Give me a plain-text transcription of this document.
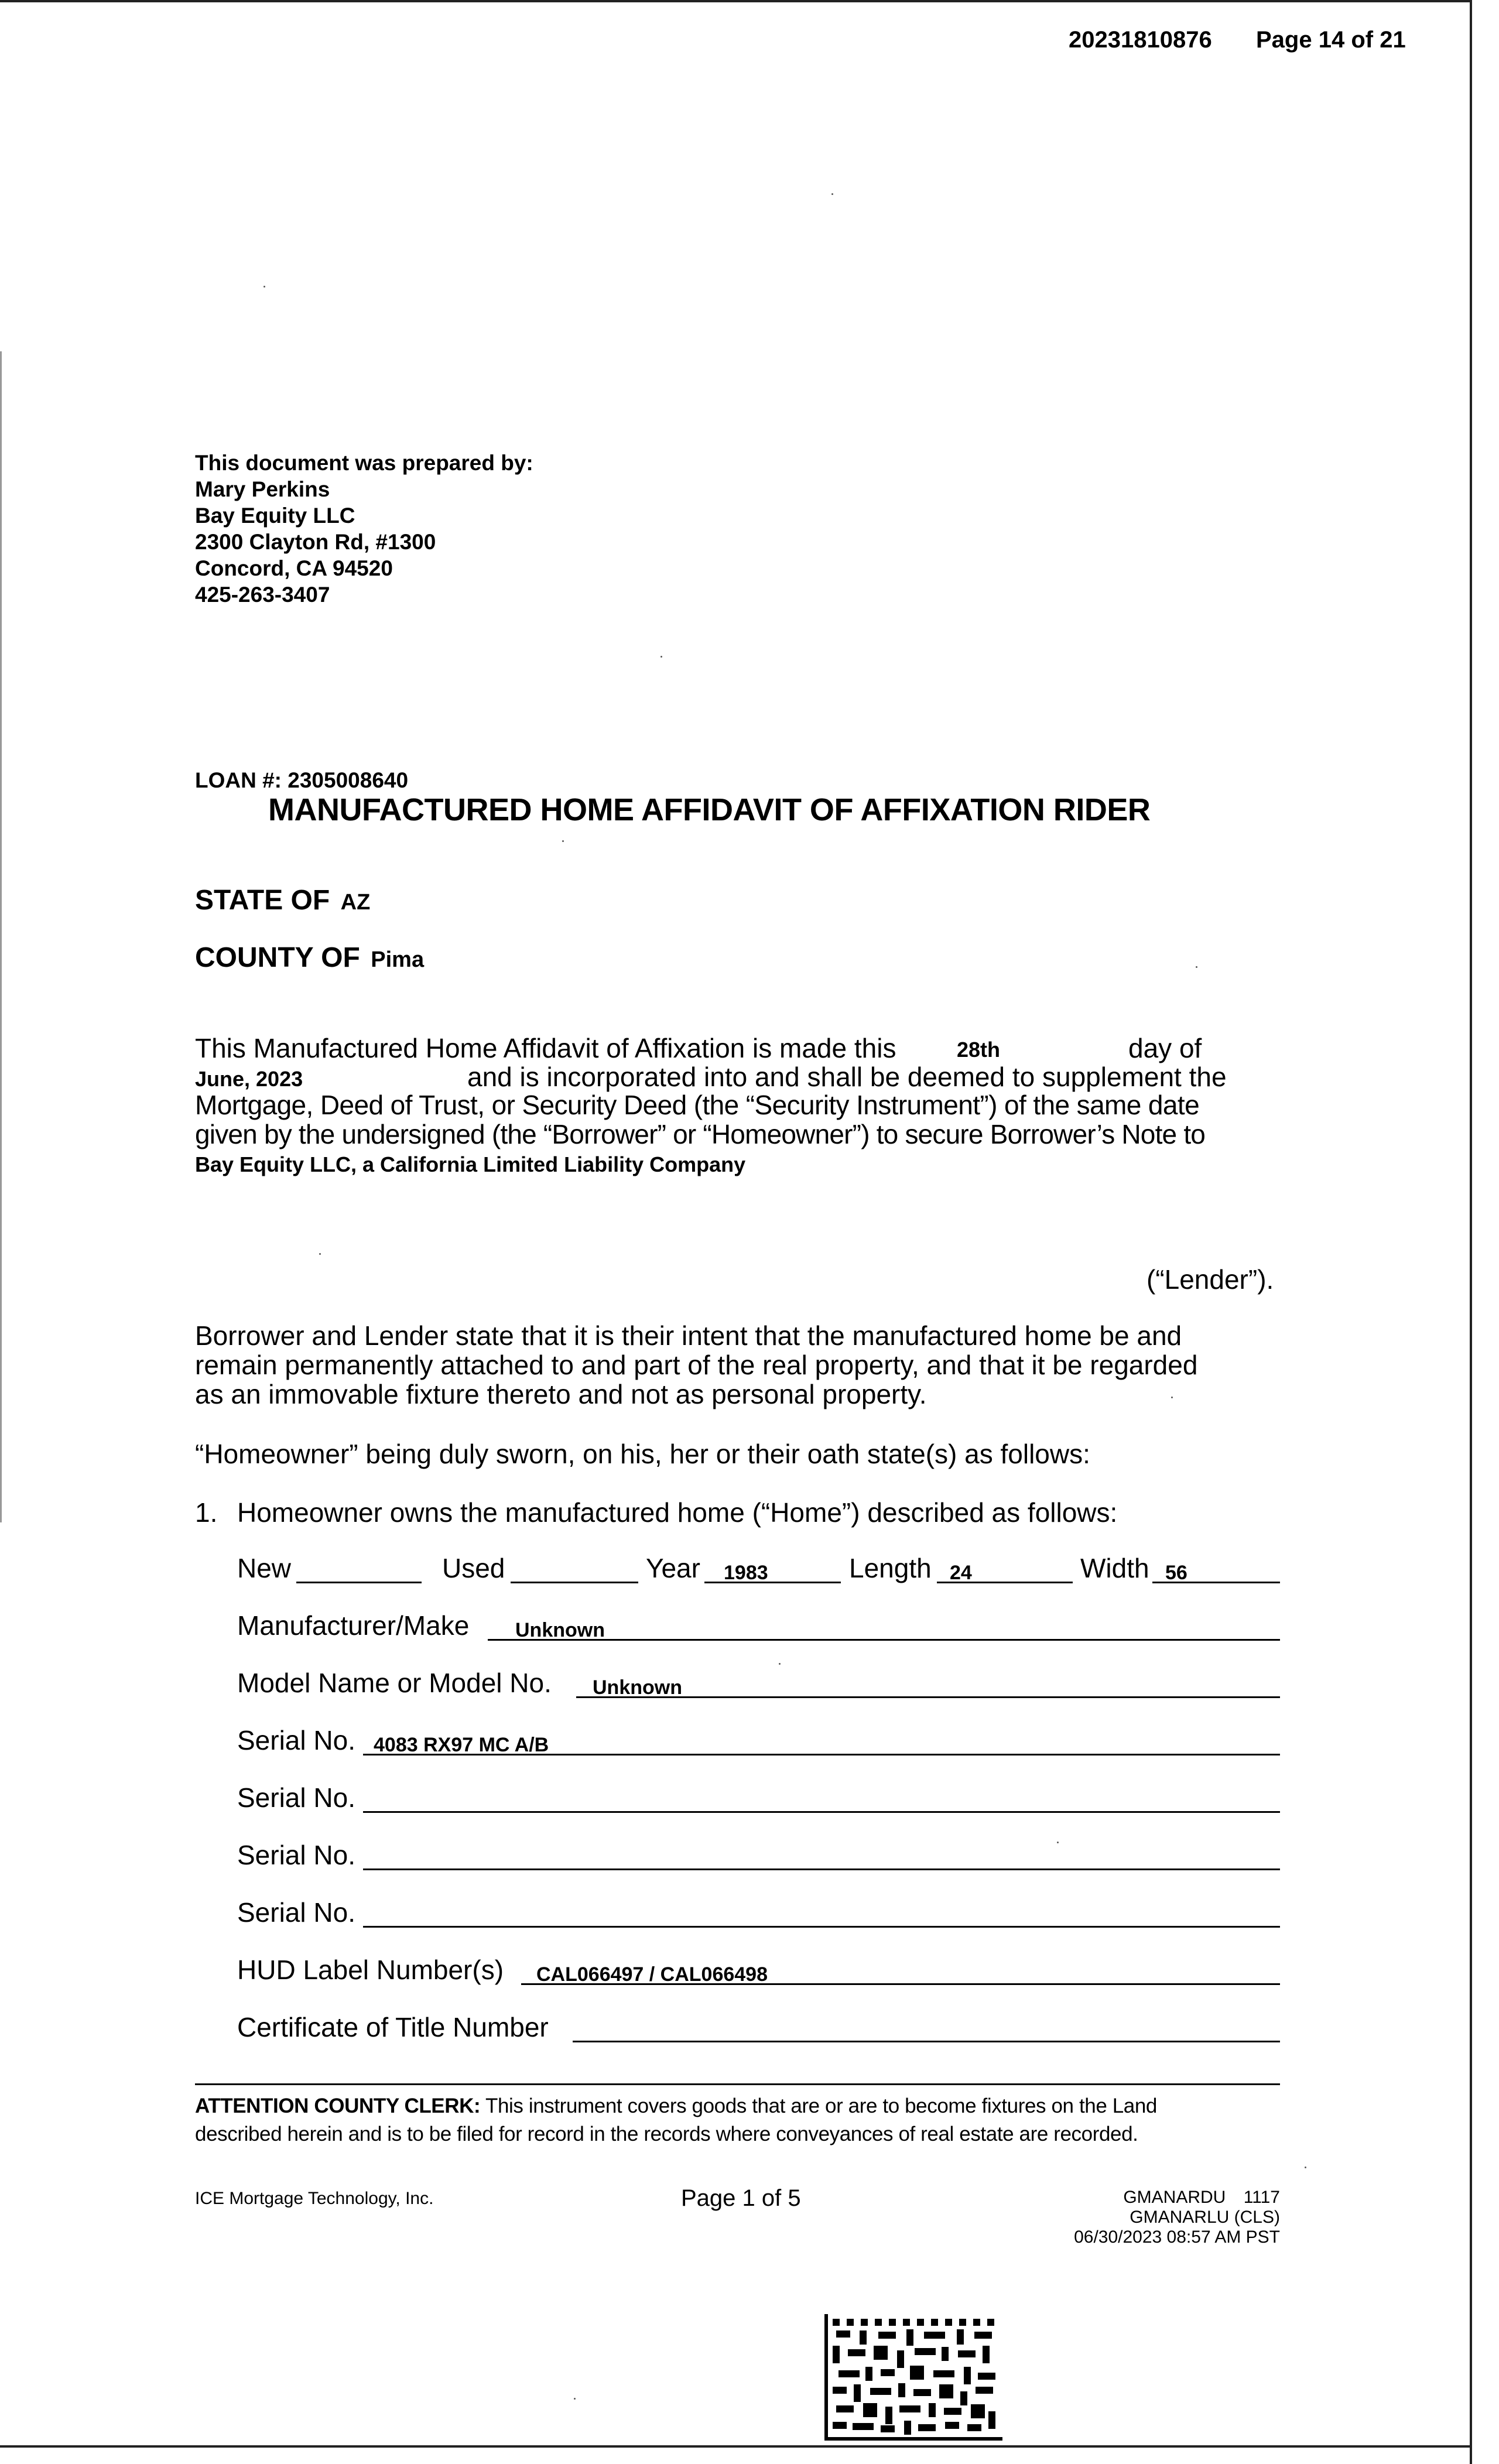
20231810876 Page 14 of 21
This document was prepared by:
Mary Perkins
Bay Equity LLC
2300 Clayton Rd, #1300
Concord, CA 94520
425-263-3407
LOAN #: 2305008640
MANUFACTURED HOME AFFIDAVIT OF AFFIXATION RIDER
STATE OF AZ
COUNTY OF Pima
This Manufactured Home Affidavit of Affixation is made this	28th	day of
June, 2023	and is incorporated into and shall be deemed to supplement the
Mortgage, Deed of Trust, or Security Deed (the “Security Instrument”) of the same date
given by the undersigned (the “Borrower” or “Homeowner”) to secure Borrower’s Note to
Bay Equity LLC, a California Limited Liability Company
(“Lender”).
Borrower and Lender state that it is their intent that the manufactured home be and
remain permanently attached to and part of the real property, and that it be regarded
as an immovable fixture thereto and not as personal property.
“Homeowner” being duly sworn, on his, her or their oath state(s) as follows:
1. Homeowner owns the manufactured home (“Home”) described as follows:
New	Used	Year 1983	Length 24	Width 56
Manufacturer/Make Unknown
Model Name or Model No. Unknown
Serial No. 4083 RX97 MC A/B
Serial No.
Serial No.
Serial No.
HUD Label Number(s) CAL066497 / CAL066498
Certificate of Title Number
ATTENTION COUNTY CLERK: This instrument covers goods that are or are to become fixtures on the Land
described herein and is to be filed for record in the records where conveyances of real estate are recorded.
ICE Mortgage Technology, Inc.	Page 1 of 5	GMANARDU 1117
GMANARLU (CLS)
06/30/2023 08:57 AM PST
